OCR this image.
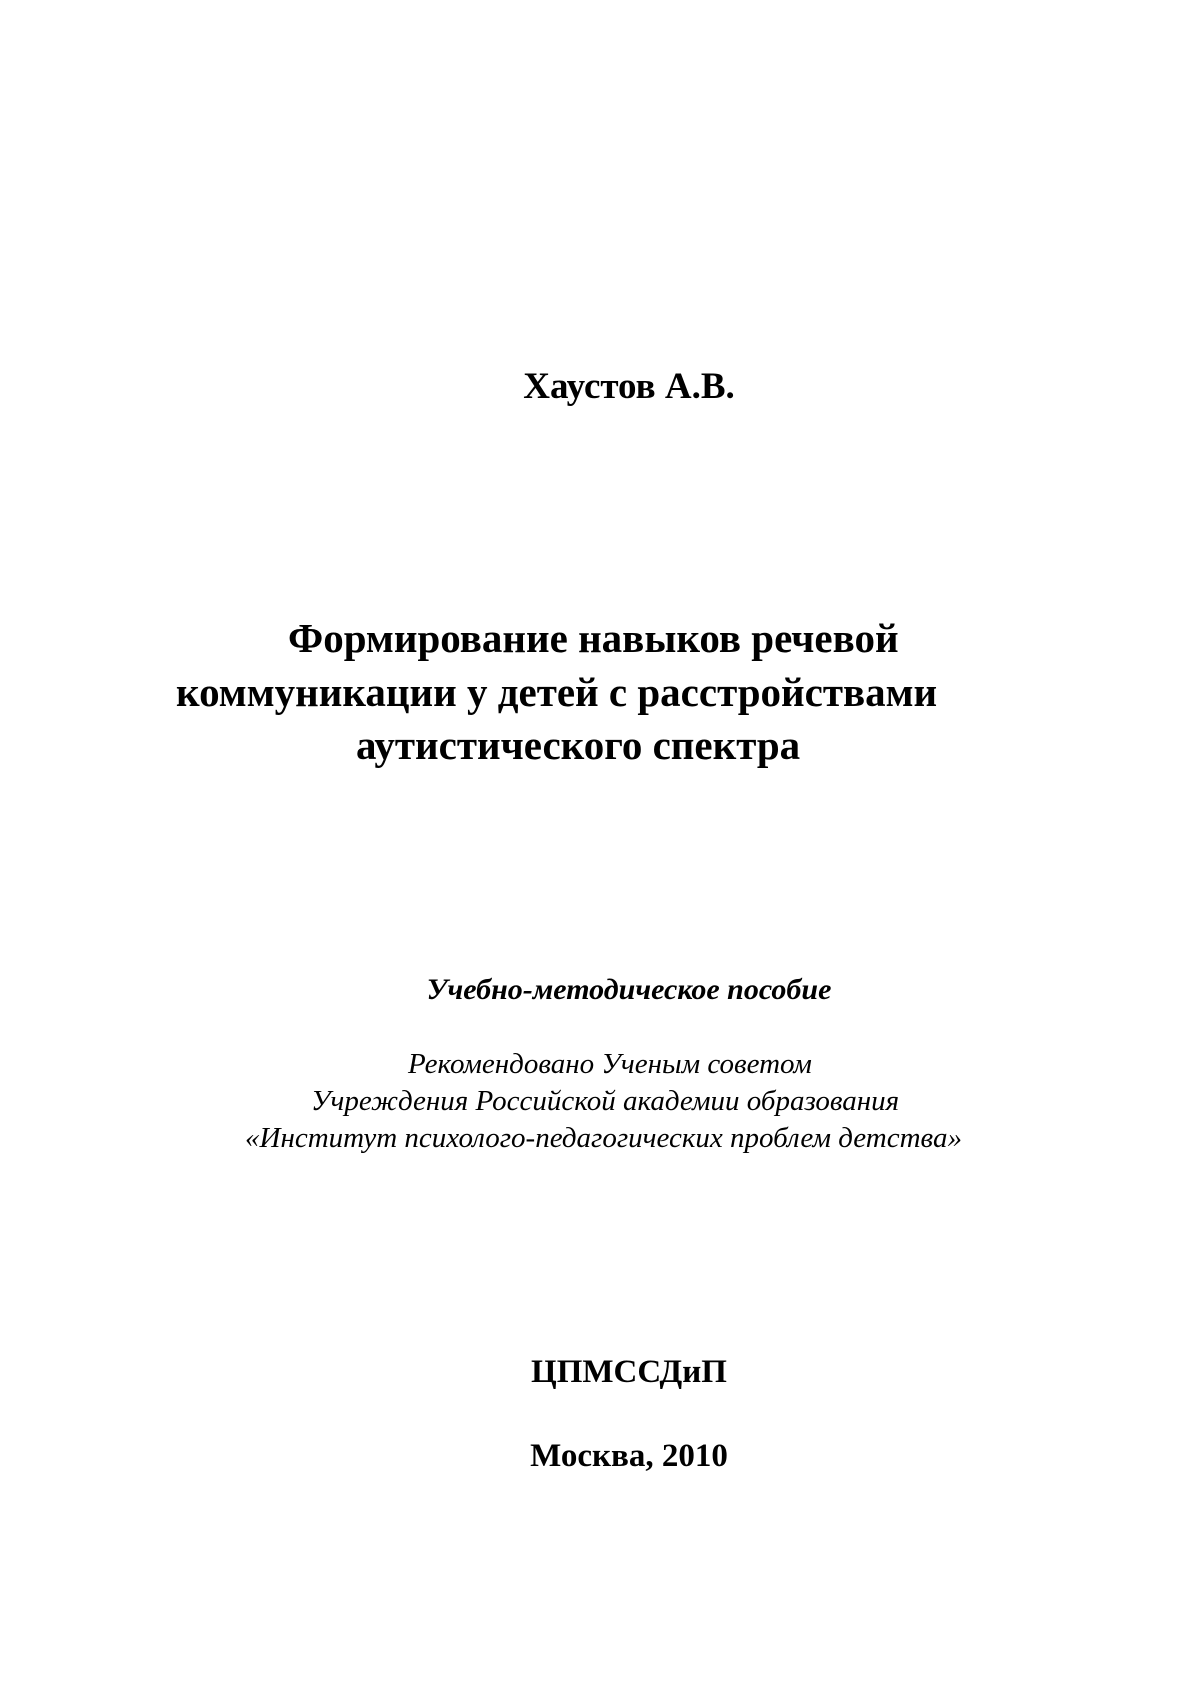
Хаустов А.В.

Формирование навыков речевой

коммуникации у детей с расстройствами

аутистического спектра

Учебно-методическое пособие

Рекомендовано Ученым советом

Учреждения Российской академии образования

«Институт психолого-педагогических проблем детства»

ЦПМССДиП

Москва, 2010
